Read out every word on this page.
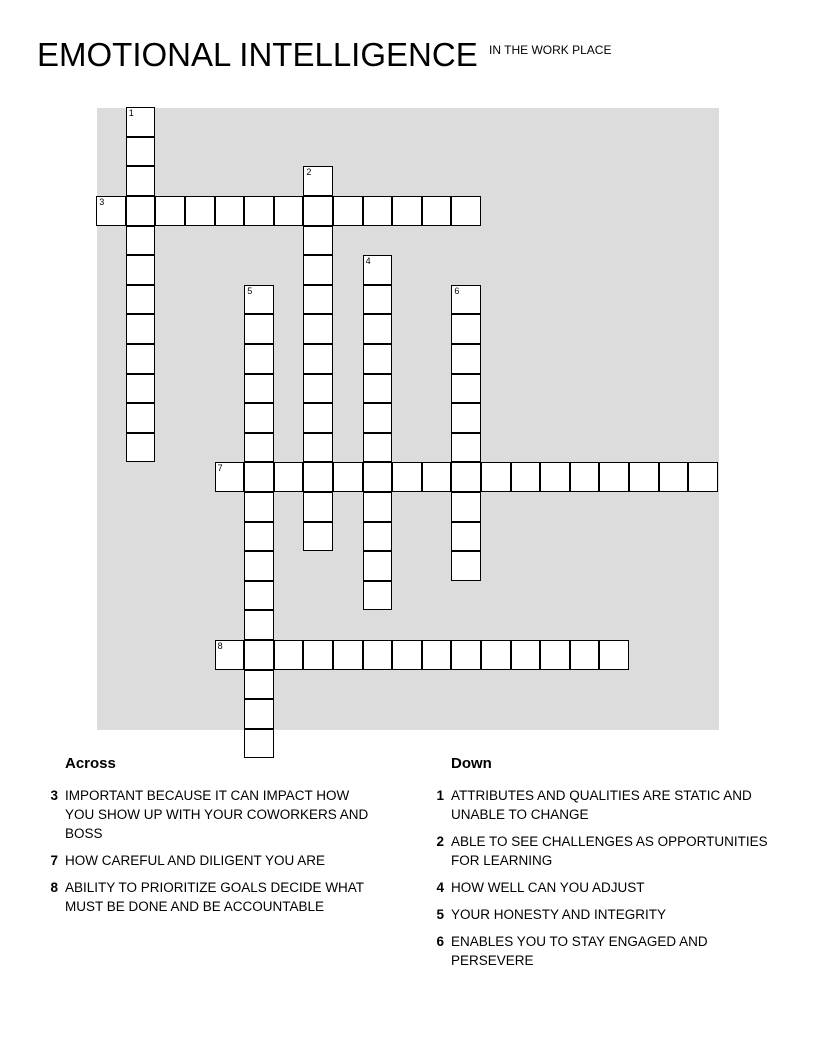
EMOTIONAL INTELLIGENCE IN THE WORK PLACE
1
2
3
4
5	6
7
8
Across	Down
3 IMPORTANT BECAUSE IT CAN IMPACT HOW YOU SHOW UP WITH YOUR COWORKERS AND BOSS
7 HOW CAREFUL AND DILIGENT YOU ARE
8 ABILITY TO PRIORITIZE GOALS DECIDE WHAT MUST BE DONE AND BE ACCOUNTABLE
1 ATTRIBUTES AND QUALITIES ARE STATIC AND UNABLE TO CHANGE
2 ABLE TO SEE CHALLENGES AS OPPORTUNITIES FOR LEARNING
4 HOW WELL CAN YOU ADJUST
5 YOUR HONESTY AND INTEGRITY
6 ENABLES YOU TO STAY ENGAGED AND PERSEVERE
